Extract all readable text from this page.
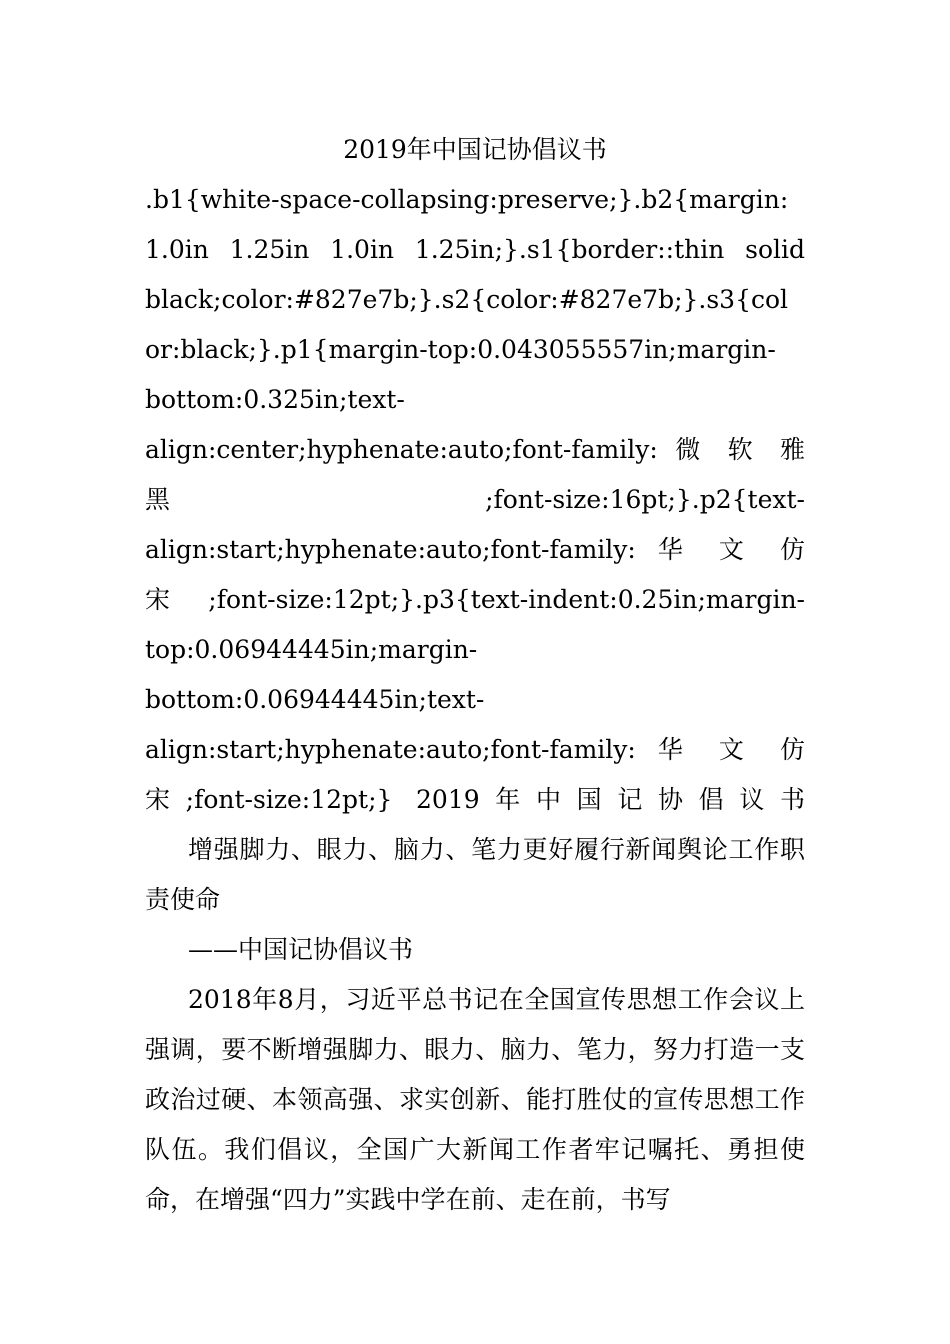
2019年中国记协倡议书

.b1{white-space-collapsing:preserve;}.b2{margin:
1.0in 1.25in 1.0in 1.25in;}.s1{border::thin solid
black;color:#827e7b;}.s2{color:#827e7b;}.s3{col
or:black;}.p1{margin-top:0.043055557in;margin-
bottom:0.325in;text-
align:center;hyphenate:auto;font-family: 微 软 雅
黑 ;font-size:16pt;}.p2{text-
align:start;hyphenate:auto;font-family: 华 文 仿
宋 ;font-size:12pt;}.p3{text-indent:0.25in;margin-
top:0.06944445in;margin-
bottom:0.06944445in;text-
align:start;hyphenate:auto;font-family: 华 文 仿
宋;font-size:12pt;} 2019年中国记协倡议书

增强脚力、眼力、脑力、笔力更好履行新闻舆论工作职责使命

——中国记协倡议书

2018年8月，习近平总书记在全国宣传思想工作会议上强调，要不断增强脚力、眼力、脑力、笔力，努力打造一支政治过硬、本领高强、求实创新、能打胜仗的宣传思想工作队伍。我们倡议，全国广大新闻工作者牢记嘱托、勇担使命，在增强“四力”实践中学在前、走在前，书写
